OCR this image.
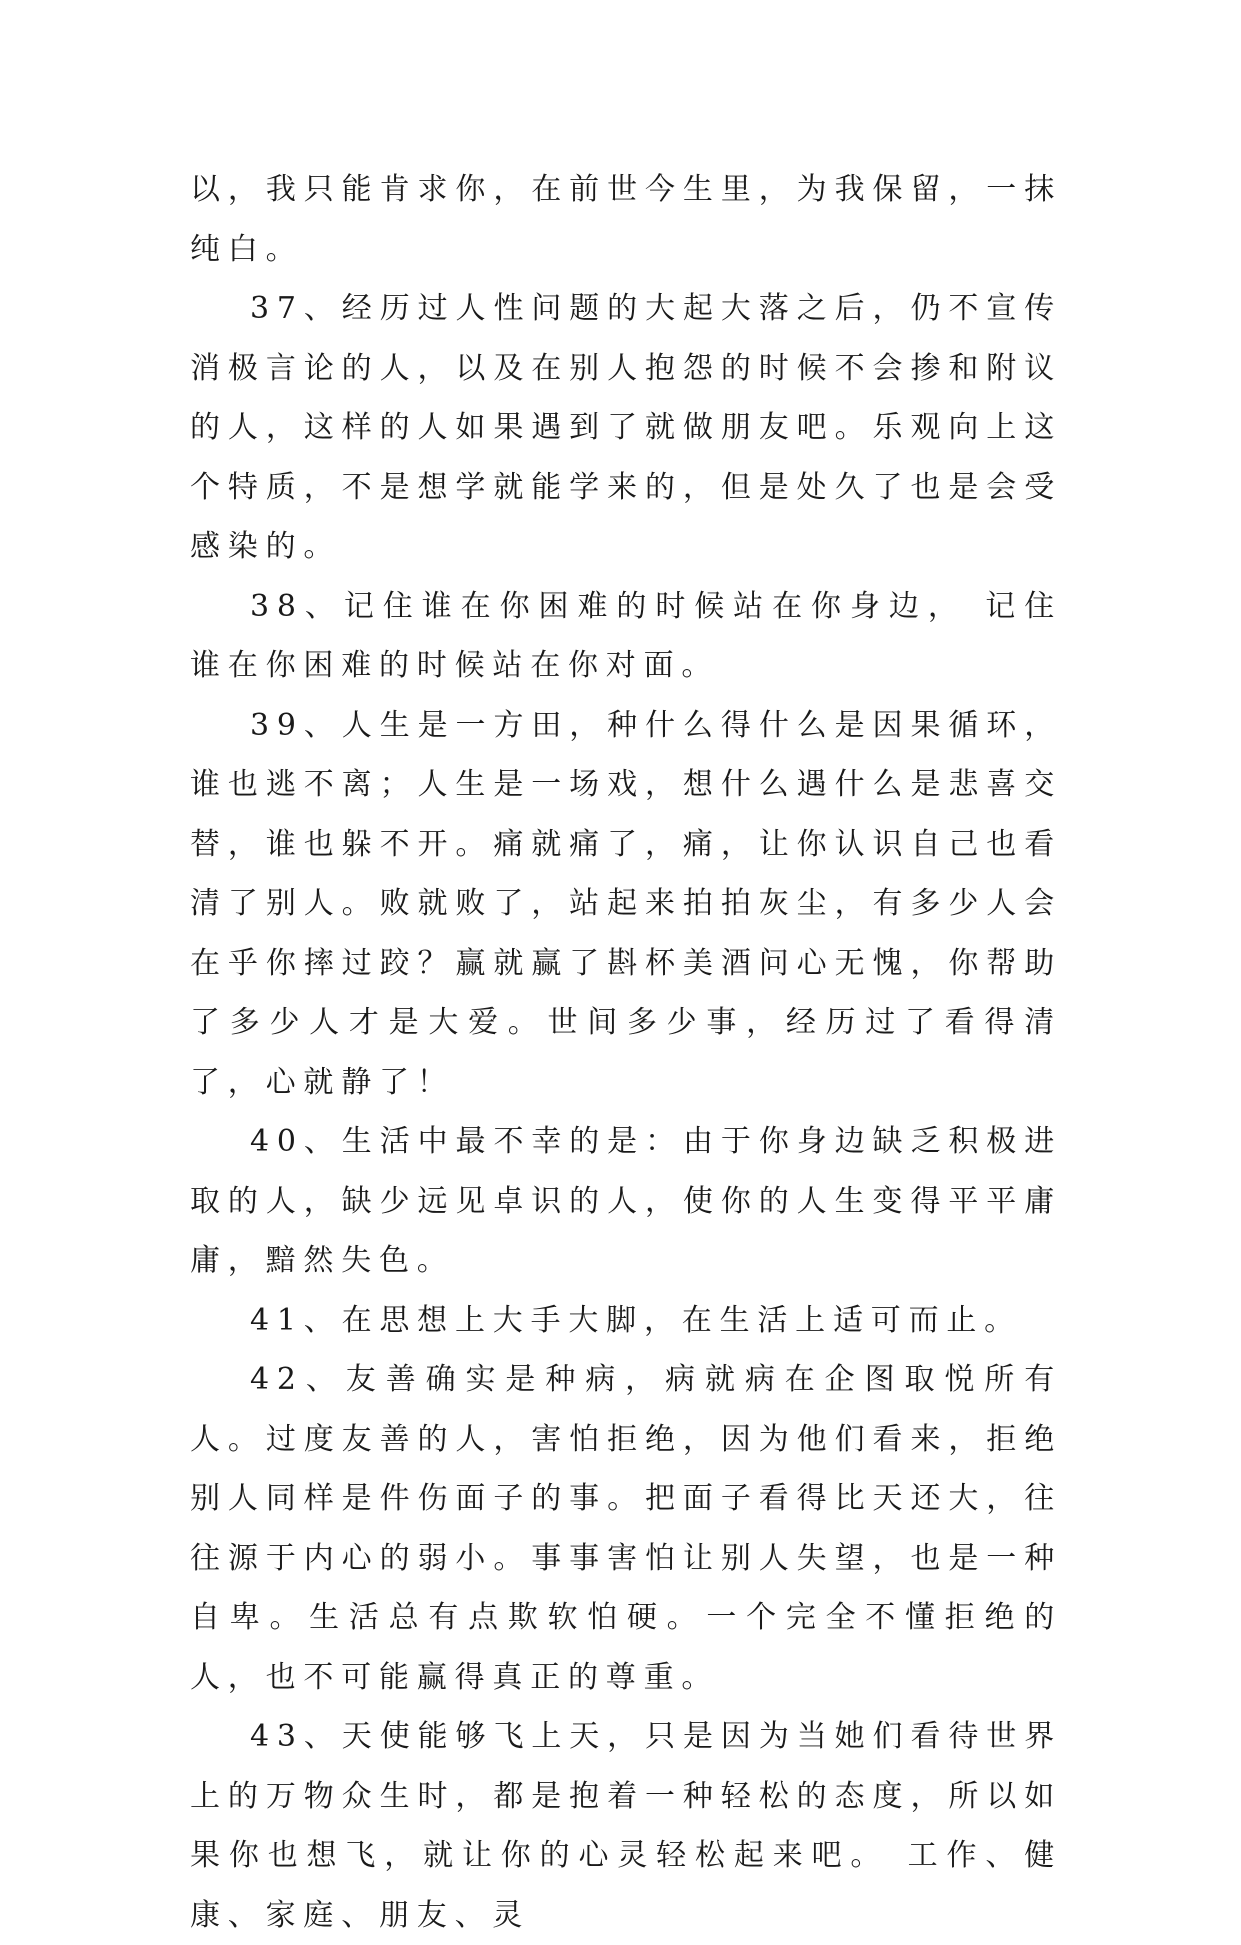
以，我只能肯求你，在前世今生里，为我保留，一抹纯白。

37、经历过人性问题的大起大落之后，仍不宣传消极言论的人，以及在别人抱怨的时候不会掺和附议的人，这样的人如果遇到了就做朋友吧。乐观向上这个特质，不是想学就能学来的，但是处久了也是会受感染的。

38、记住谁在你困难的时候站在你身边， 记住谁在你困难的时候站在你对面。

39、人生是一方田，种什么得什么是因果循环，谁也逃不离；人生是一场戏，想什么遇什么是悲喜交替，谁也躲不开。痛就痛了，痛，让你认识自己也看清了别人。败就败了，站起来拍拍灰尘，有多少人会在乎你摔过跤？赢就赢了斟杯美酒问心无愧，你帮助了多少人才是大爱。世间多少事，经历过了看得清了，心就静了！

40、生活中最不幸的是：由于你身边缺乏积极进取的人，缺少远见卓识的人，使你的人生变得平平庸庸，黯然失色。

41、在思想上大手大脚，在生活上适可而止。

42、友善确实是种病，病就病在企图取悦所有人。过度友善的人，害怕拒绝，因为他们看来，拒绝别人同样是件伤面子的事。把面子看得比天还大，往往源于内心的弱小。事事害怕让别人失望，也是一种自卑。生活总有点欺软怕硬。一个完全不懂拒绝的人，也不可能赢得真正的尊重。

43、天使能够飞上天，只是因为当她们看待世界上的万物众生时，都是抱着一种轻松的态度，所以如果你也想飞，就让你的心灵轻松起来吧。 工作、健康、家庭、朋友、灵
